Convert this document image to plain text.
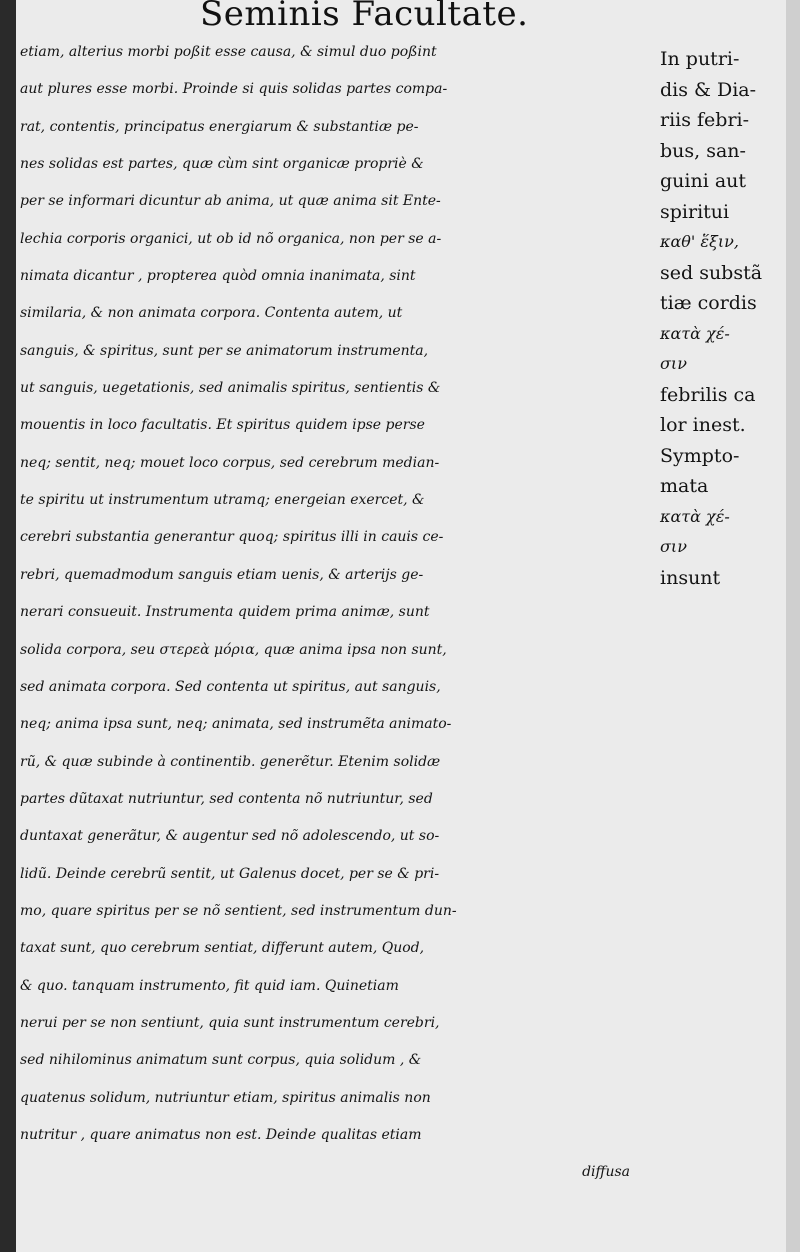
Seminis Facultate.
etiam, alterius morbi poßit esse causa, & simul duo poßint
aut plures esse morbi. Proinde si quis solidas partes compa-
rat, contentis, principatus energiarum & substantiæ pe-
nes solidas est partes, quæ cùm sint organicæ propriè &
per se informari dicuntur ab anima, ut quæ anima sit Ente-
lechia corporis organici, ut ob id nõ organica, non per se a-
nimata dicantur , propterea quòd omnia inanimata, sint
similaria, & non animata corpora. Contenta autem, ut
sanguis, & spiritus, sunt per se animatorum instrumenta,
ut sanguis, uegetationis, sed animalis spiritus, sentientis &
mouentis in loco facultatis. Et spiritus quidem ipse perse
neq; sentit, neq; mouet loco corpus, sed cerebrum median-
te spiritu ut instrumentum utramq; energeian exercet, &
cerebri substantia generantur quoq; spiritus illi in cauis ce-
rebri, quemadmodum sanguis etiam uenis, & arterijs ge-
nerari consueuit. Instrumenta quidem prima animæ, sunt
solida corpora, seu στερεὰ μόρια, quæ anima ipsa non sunt,
sed animata corpora. Sed contenta ut spiritus, aut sanguis,
neq; anima ipsa sunt, neq; animata, sed instrumẽta animato-
rũ, & quæ subinde à continentib. generẽtur. Etenim solidæ
partes dũtaxat nutriuntur, sed contenta nõ nutriuntur, sed
duntaxat generãtur, & augentur sed nõ adolescendo, ut so-
lidũ. Deinde cerebrũ sentit, ut Galenus docet, per se & pri-
mo, quare spiritus per se nõ sentient, sed instrumentum dun-
taxat sunt, quo cerebrum sentiat, differunt autem, Quod,
& quo. tanquam instrumento, fit quid iam. Quinetiam
nerui per se non sentiunt, quia sunt instrumentum cerebri,
sed nihilominus animatum sunt corpus, quia solidum , &
quatenus solidum, nutriuntur etiam, spiritus animalis non
nutritur , quare animatus non est. Deinde qualitas etiam
diffusa
In putri-
dis & Dia-
riis febri-
bus, san-
guini aut
spiritui
καθ' ἕξιν,
sed substã
tiæ cordis
κατὰ χέ-
σιν
febrilis ca
lor inest.
Sympto-
mata
κατὰ χέ-
σιν
insunt
